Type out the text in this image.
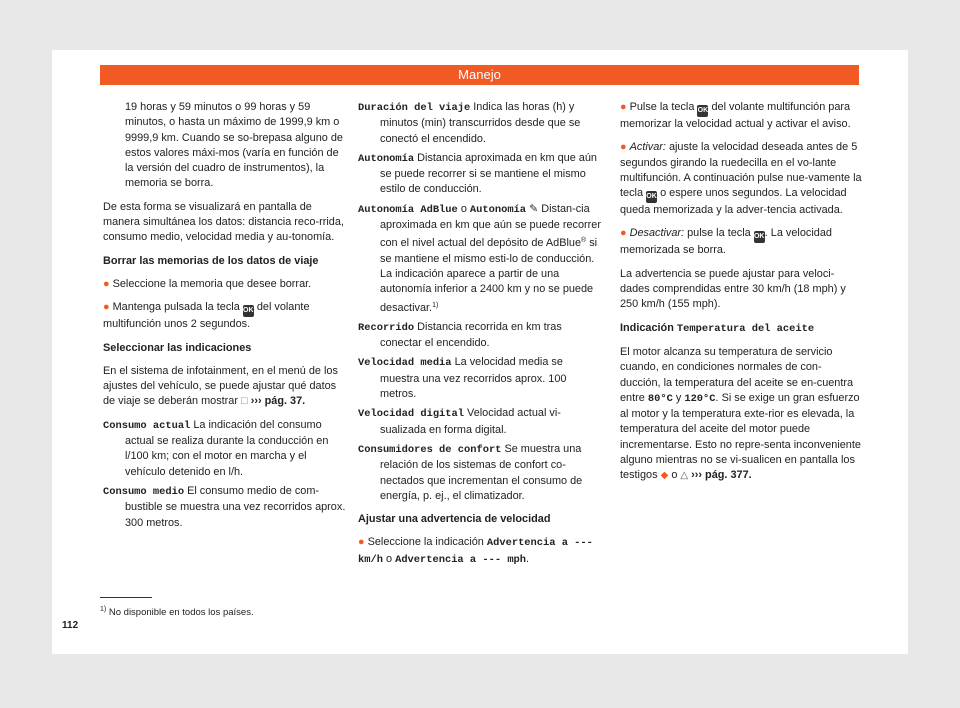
Manejo

19 horas y 59 minutos o 99 horas y 59 minutos, o hasta un máximo de 1999,9 km o 9999,9 km. Cuando se so-brepasa alguno de estos valores máxi-mos (varía en función de la versión del cuadro de instrumentos), la memoria se borra.

De esta forma se visualizará en pantalla de manera simultánea los datos: distancia reco-rrida, consumo medio, velocidad media y au-tonomía.

Borrar las memorias de los datos de viaje

● Seleccione la memoria que desee borrar.

● Mantenga pulsada la tecla OK del volante multifunción unos 2 segundos.

Seleccionar las indicaciones

En el sistema de infotainment, en el menú de los ajustes del vehículo, se puede ajustar qué datos de viaje se deberán mostrar □ ››› pág. 37.

Consumo actual La indicación del consumo actual se realiza durante la conducción en l/100 km; con el motor en marcha y el vehículo detenido en l/h.

Consumo medio El consumo medio de com-bustible se muestra una vez recorridos aprox. 300 metros.

Duración del viaje Indica las horas (h) y minutos (min) transcurridos desde que se conectó el encendido.

Autonomía Distancia aproximada en km que aún se puede recorrer si se mantiene el mismo estilo de conducción.

Autonomía AdBlue o Autonomía ✎ Distan-cia aproximada en km que aún se puede recorrer con el nivel actual del depósito de AdBlue® si se mantiene el mismo esti-lo de conducción. La indicación aparece a partir de una autonomía inferior a 2400 km y no se puede desactivar.$^{1)}$

Recorrido Distancia recorrida en km tras conectar el encendido.

Velocidad media La velocidad media se muestra una vez recorridos aprox. 100 metros.

Velocidad digital Velocidad actual vi-sualizada en forma digital.

Consumidores de confort Se muestra una relación de los sistemas de confort co-nectados que incrementan el consumo de energía, p. ej., el climatizador.

Ajustar una advertencia de velocidad

● Seleccione la indicación Advertencia a --- km/h o Advertencia a --- mph.

● Pulse la tecla OK del volante multifunción para memorizar la velocidad actual y activar el aviso.

● Activar: ajuste la velocidad deseada antes de 5 segundos girando la ruedecilla en el vo-lante multifunción. A continuación pulse nue-vamente la tecla OK o espere unos segundos. La velocidad queda memorizada y la adver-tencia activada.

● Desactivar: pulse la tecla OK. La velocidad memorizada se borra.

La advertencia se puede ajustar para veloci-dades comprendidas entre 30 km/h (18 mph) y 250 km/h (155 mph).

Indicación Temperatura del aceite

El motor alcanza su temperatura de servicio cuando, en condiciones normales de con-ducción, la temperatura del aceite se en-cuentra entre 80°C y 120°C. Si se exige un gran esfuerzo al motor y la temperatura exte-rior es elevada, la temperatura del aceite del motor puede incrementarse. Esto no repre-senta inconveniente alguno mientras no se vi-sualicen en pantalla los testigos ◆ o △ ››› pág. 377.

$^{1)}$ No disponible en todos los países.
112
